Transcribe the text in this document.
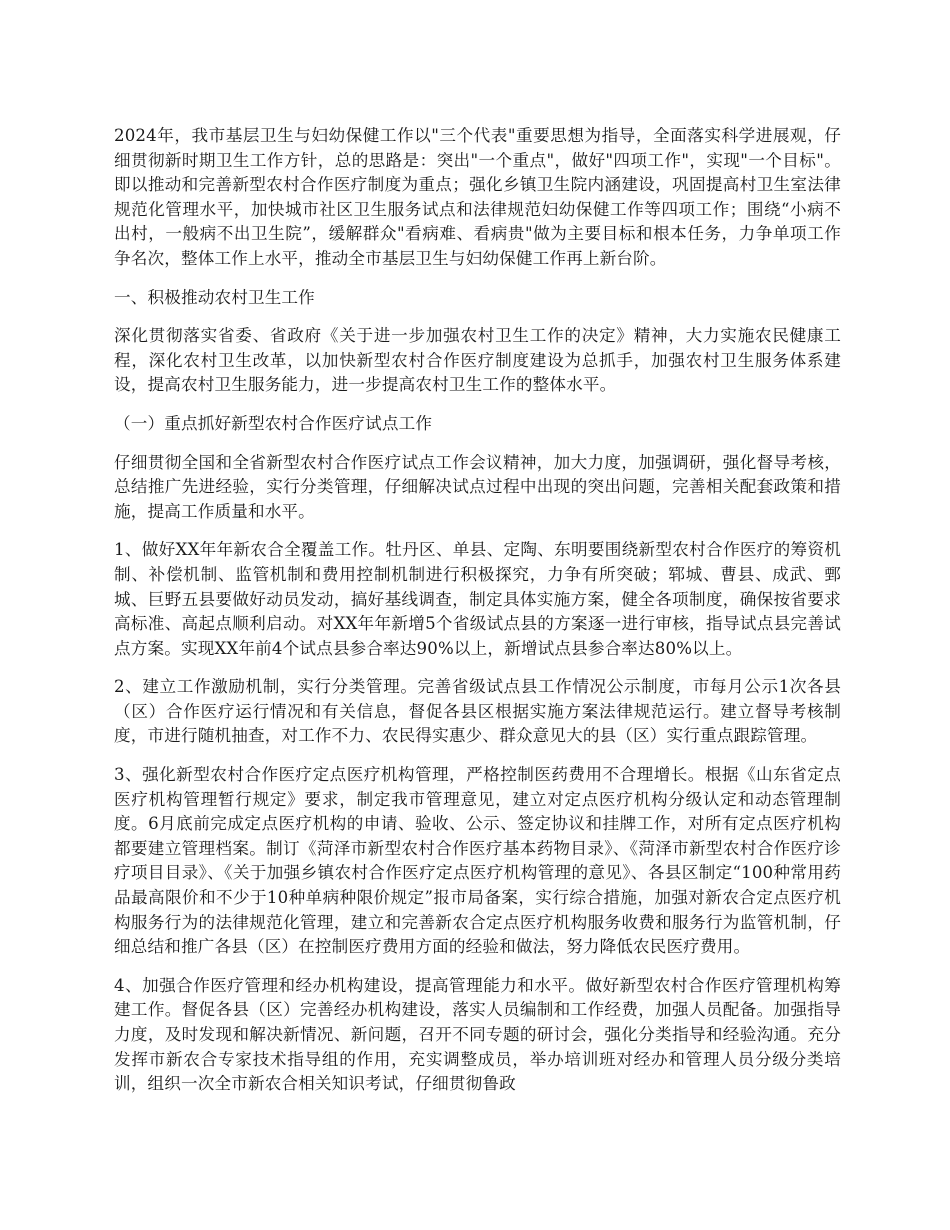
2024年，我市基层卫生与妇幼保健工作以"三个代表"重要思想为指导，全面落实科学进展观，仔细贯彻新时期卫生工作方针，总的思路是：突出"一个重点"，做好"四项工作"，实现"一个目标"。即以推动和完善新型农村合作医疗制度为重点；强化乡镇卫生院内涵建设，巩固提高村卫生室法律规范化管理水平，加快城市社区卫生服务试点和法律规范妇幼保健工作等四项工作；围绕“小病不出村，一般病不出卫生院”，缓解群众"看病难、看病贵"做为主要目标和根本任务，力争单项工作争名次，整体工作上水平，推动全市基层卫生与妇幼保健工作再上新台阶。

一、积极推动农村卫生工作

深化贯彻落实省委、省政府《关于进一步加强农村卫生工作的决定》精神，大力实施农民健康工程，深化农村卫生改革，以加快新型农村合作医疗制度建设为总抓手，加强农村卫生服务体系建设，提高农村卫生服务能力，进一步提高农村卫生工作的整体水平。

（一）重点抓好新型农村合作医疗试点工作

仔细贯彻全国和全省新型农村合作医疗试点工作会议精神，加大力度，加强调研，强化督导考核，总结推广先进经验，实行分类管理，仔细解决试点过程中出现的突出问题，完善相关配套政策和措施，提高工作质量和水平。

1、做好XX年年新农合全覆盖工作。牡丹区、单县、定陶、东明要围绕新型农村合作医疗的筹资机制、补偿机制、监管机制和费用控制机制进行积极探究，力争有所突破；郓城、曹县、成武、鄄城、巨野五县要做好动员发动，搞好基线调查，制定具体实施方案，健全各项制度，确保按省要求高标准、高起点顺利启动。对XX年年新增5个省级试点县的方案逐一进行审核，指导试点县完善试点方案。实现XX年前4个试点县参合率达90%以上，新增试点县参合率达80%以上。

2、建立工作激励机制，实行分类管理。完善省级试点县工作情况公示制度，市每月公示1次各县（区）合作医疗运行情况和有关信息，督促各县区根据实施方案法律规范运行。建立督导考核制度，市进行随机抽查，对工作不力、农民得实惠少、群众意见大的县（区）实行重点跟踪管理。

3、强化新型农村合作医疗定点医疗机构管理，严格控制医药费用不合理增长。根据《山东省定点医疗机构管理暂行规定》要求，制定我市管理意见，建立对定点医疗机构分级认定和动态管理制度。6月底前完成定点医疗机构的申请、验收、公示、签定协议和挂牌工作，对所有定点医疗机构都要建立管理档案。制订《菏泽市新型农村合作医疗基本药物目录》、《菏泽市新型农村合作医疗诊疗项目目录》、《关于加强乡镇农村合作医疗定点医疗机构管理的意见》、各县区制定“100种常用药品最高限价和不少于10种单病种限价规定”报市局备案，实行综合措施，加强对新农合定点医疗机构服务行为的法律规范化管理，建立和完善新农合定点医疗机构服务收费和服务行为监管机制，仔细总结和推广各县（区）在控制医疗费用方面的经验和做法，努力降低农民医疗费用。

4、加强合作医疗管理和经办机构建设，提高管理能力和水平。做好新型农村合作医疗管理机构筹建工作。督促各县（区）完善经办机构建设，落实人员编制和工作经费，加强人员配备。加强指导力度，及时发现和解决新情况、新问题，召开不同专题的研讨会，强化分类指导和经验沟通。充分发挥市新农合专家技术指导组的作用，充实调整成员，举办培训班对经办和管理人员分级分类培训，组织一次全市新农合相关知识考试，仔细贯彻鲁政
